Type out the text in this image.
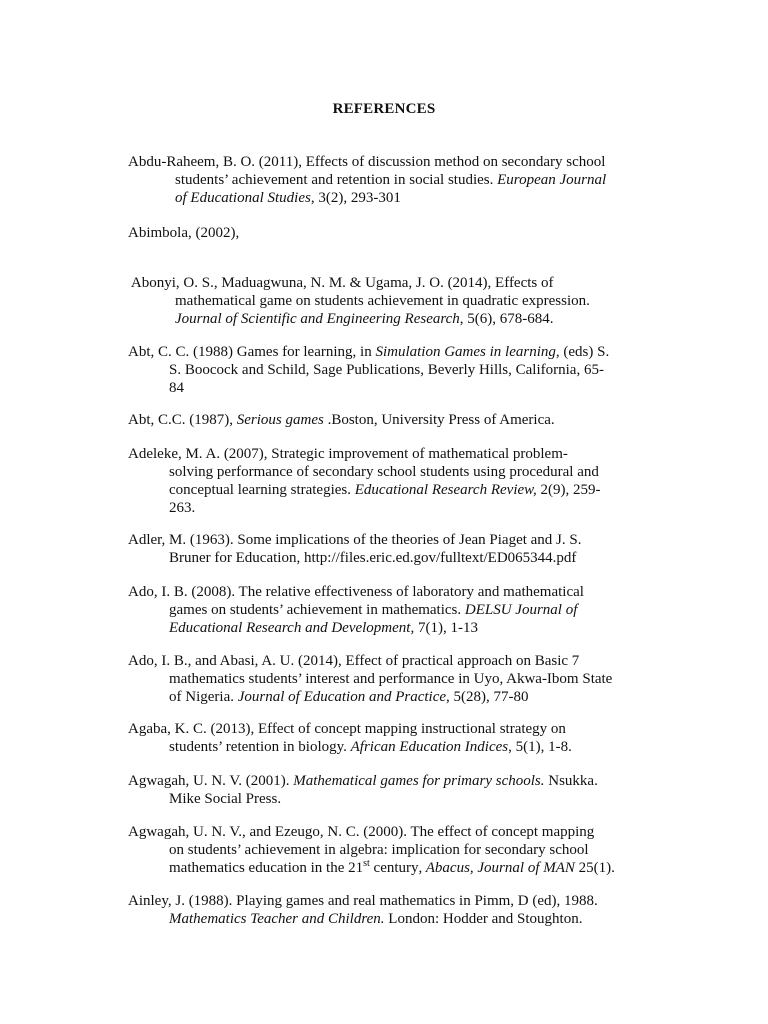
REFERENCES
Abdu-Raheem, B. O. (2011), Effects of discussion method on secondary school
students’ achievement and retention in social studies. European Journal
of Educational Studies, 3(2), 293-301
Abimbola, (2002),
Abonyi, O. S., Maduagwuna, N. M. & Ugama, J. O. (2014), Effects of
mathematical game on students achievement in quadratic expression.
Journal of Scientific and Engineering Research, 5(6), 678-684.
Abt, C. C. (1988) Games for learning, in Simulation Games in learning, (eds) S.
S. Boocock and Schild, Sage Publications, Beverly Hills, California, 65-
84
Abt, C.C. (1987), Serious games .Boston, University Press of America.
Adeleke, M. A. (2007), Strategic improvement of mathematical problem-
solving performance of secondary school students using procedural and
conceptual learning strategies. Educational Research Review, 2(9), 259-
263.
Adler, M. (1963). Some implications of the theories of Jean Piaget and J. S.
Bruner for Education, http://files.eric.ed.gov/fulltext/ED065344.pdf
Ado, I. B. (2008). The relative effectiveness of laboratory and mathematical
games on students’ achievement in mathematics. DELSU Journal of
Educational Research and Development, 7(1), 1-13
Ado, I. B., and Abasi, A. U. (2014), Effect of practical approach on Basic 7
mathematics students’ interest and performance in Uyo, Akwa-Ibom State
of Nigeria. Journal of Education and Practice, 5(28), 77-80
Agaba, K. C. (2013), Effect of concept mapping instructional strategy on
students’ retention in biology. African Education Indices, 5(1), 1-8.
Agwagah, U. N. V. (2001). Mathematical games for primary schools. Nsukka.
Mike Social Press.
Agwagah, U. N. V., and Ezeugo, N. C. (2000). The effect of concept mapping
on students’ achievement in algebra: implication for secondary school
mathematics education in the 21st century, Abacus, Journal of MAN 25(1).
Ainley, J. (1988). Playing games and real mathematics in Pimm, D (ed), 1988.
Mathematics Teacher and Children. London: Hodder and Stoughton.
